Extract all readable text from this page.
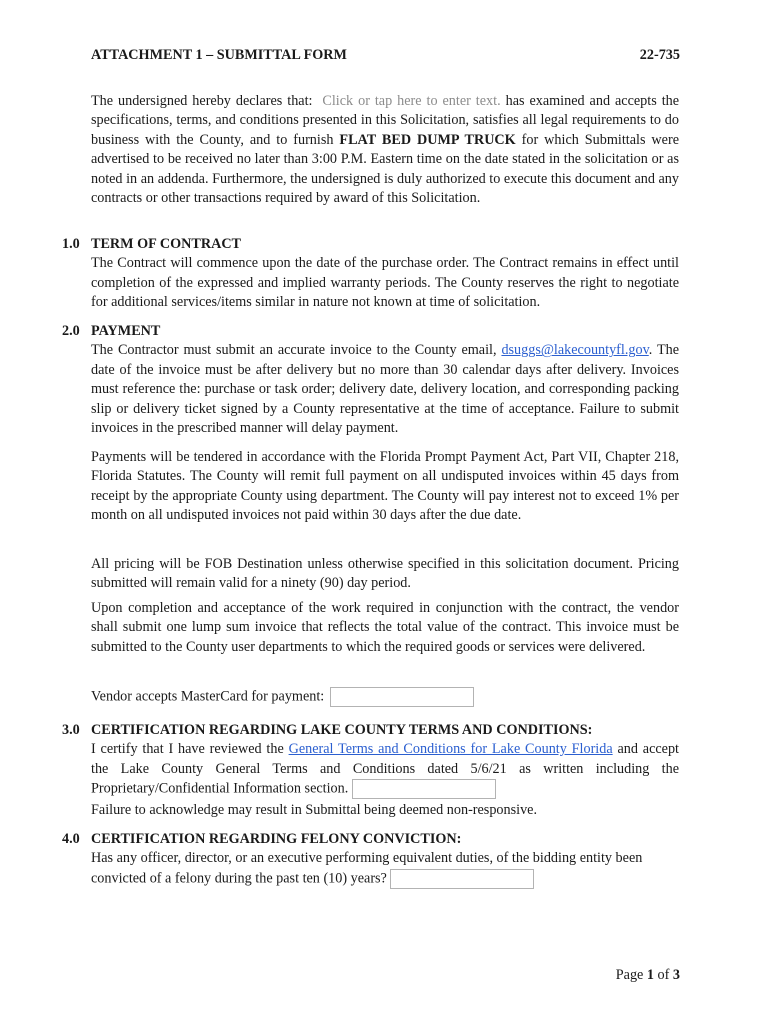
ATTACHMENT 1 – SUBMITTAL FORM	22-735
The undersigned hereby declares that: Click or tap here to enter text. has examined and accepts the specifications, terms, and conditions presented in this Solicitation, satisfies all legal requirements to do business with the County, and to furnish FLAT BED DUMP TRUCK for which Submittals were advertised to be received no later than 3:00 P.M. Eastern time on the date stated in the solicitation or as noted in an addenda. Furthermore, the undersigned is duly authorized to execute this document and any contracts or other transactions required by award of this Solicitation.
1.0 TERM OF CONTRACT
The Contract will commence upon the date of the purchase order. The Contract remains in effect until completion of the expressed and implied warranty periods. The County reserves the right to negotiate for additional services/items similar in nature not known at time of solicitation.
2.0 PAYMENT
The Contractor must submit an accurate invoice to the County email, dsuggs@lakecountyfl.gov. The date of the invoice must be after delivery but no more than 30 calendar days after delivery. Invoices must reference the: purchase or task order; delivery date, delivery location, and corresponding packing slip or delivery ticket signed by a County representative at the time of acceptance. Failure to submit invoices in the prescribed manner will delay payment.
Payments will be tendered in accordance with the Florida Prompt Payment Act, Part VII, Chapter 218, Florida Statutes. The County will remit full payment on all undisputed invoices within 45 days from receipt by the appropriate County using department. The County will pay interest not to exceed 1% per month on all undisputed invoices not paid within 30 days after the due date.
All pricing will be FOB Destination unless otherwise specified in this solicitation document. Pricing submitted will remain valid for a ninety (90) day period.
Upon completion and acceptance of the work required in conjunction with the contract, the vendor shall submit one lump sum invoice that reflects the total value of the contract. This invoice must be submitted to the County user departments to which the required goods or services were delivered.
Vendor accepts MasterCard for payment:
3.0 CERTIFICATION REGARDING LAKE COUNTY TERMS AND CONDITIONS:
I certify that I have reviewed the General Terms and Conditions for Lake County Florida and accept the Lake County General Terms and Conditions dated 5/6/21 as written including the Proprietary/Confidential Information section.
Failure to acknowledge may result in Submittal being deemed non-responsive.
4.0 CERTIFICATION REGARDING FELONY CONVICTION:
Has any officer, director, or an executive performing equivalent duties, of the bidding entity been convicted of a felony during the past ten (10) years?
Page 1 of 3
